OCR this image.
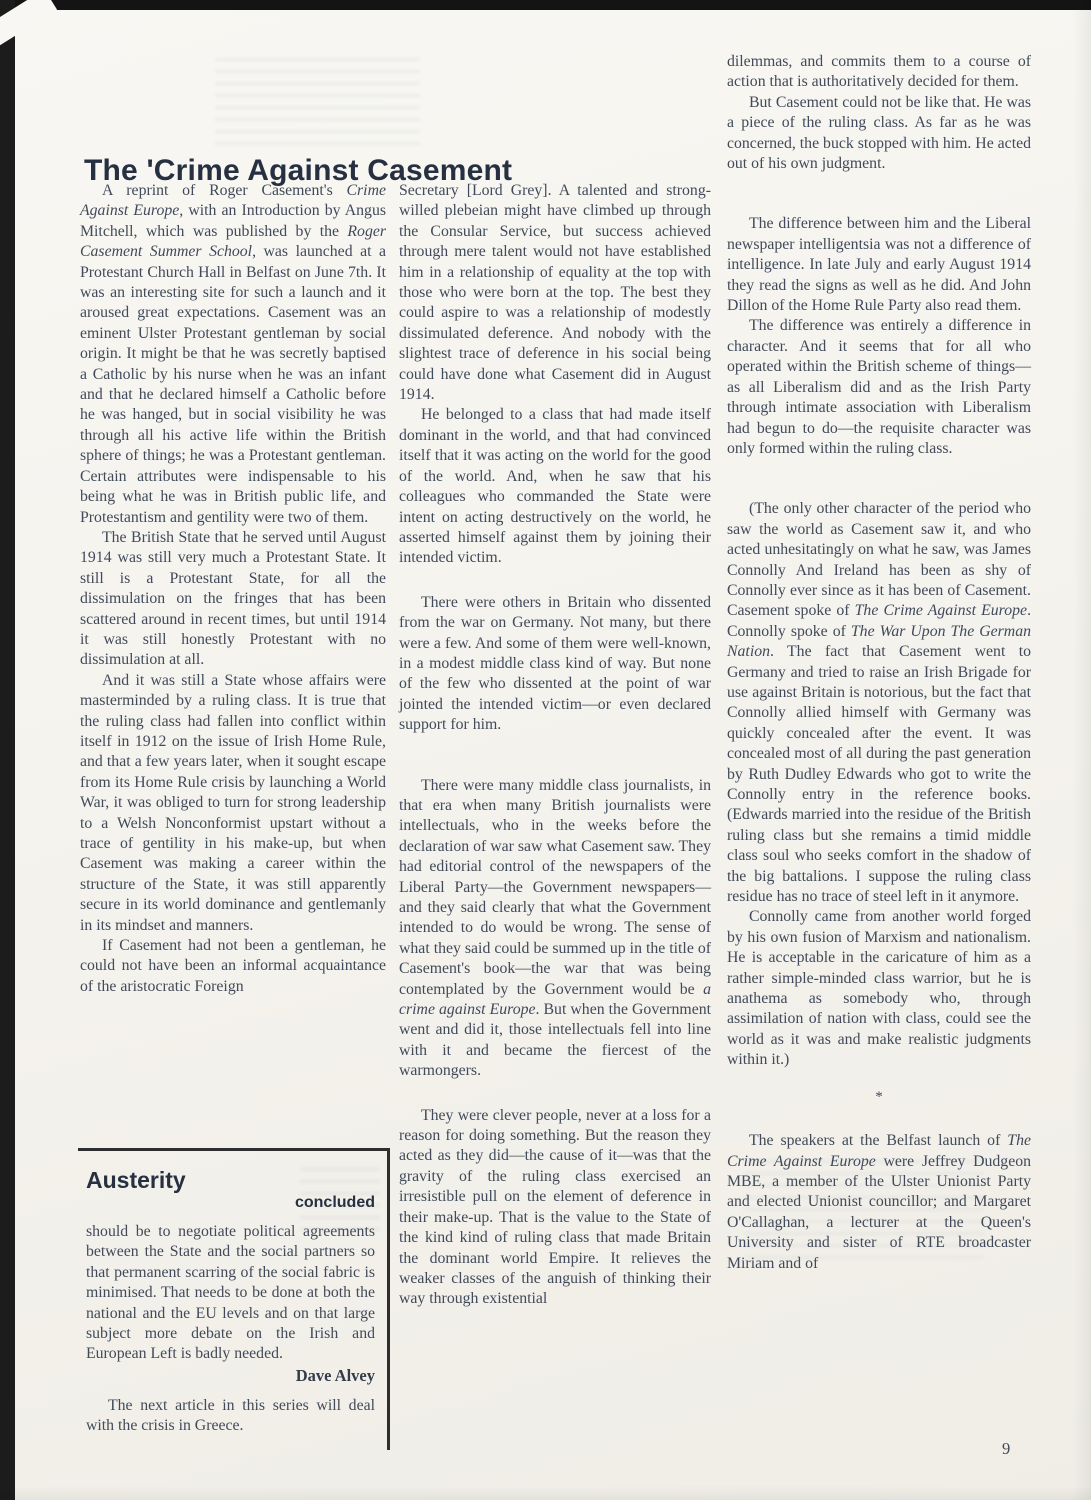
The 'Crime Against Casement

A reprint of Roger Casement's Crime Against Europe, with an Introduction by Angus Mitchell, which was published by the Roger Casement Summer School, was launched at a Protestant Church Hall in Belfast on June 7th. It was an interesting site for such a launch and it aroused great expectations. Casement was an eminent Ulster Protestant gentleman by social origin. It might be that he was secretly baptised a Catholic by his nurse when he was an infant and that he declared himself a Catholic before he was hanged, but in social visibility he was through all his active life within the British sphere of things; he was a Protestant gentleman. Certain attributes were indispensable to his being what he was in British public life, and Protestantism and gentility were two of them.

The British State that he served until August 1914 was still very much a Protestant State. It still is a Protestant State, for all the dissimulation on the fringes that has been scattered around in recent times, but until 1914 it was still honestly Protestant with no dissimulation at all.

And it was still a State whose affairs were masterminded by a ruling class. It is true that the ruling class had fallen into conflict within itself in 1912 on the issue of Irish Home Rule, and that a few years later, when it sought escape from its Home Rule crisis by launching a World War, it was obliged to turn for strong leadership to a Welsh Nonconformist upstart without a trace of gentility in his make-up, but when Casement was making a career within the structure of the State, it was still apparently secure in its world dominance and gentlemanly in its mindset and manners.

If Casement had not been a gentleman, he could not have been an informal acquaintance of the aristocratic Foreign

Secretary [Lord Grey]. A talented and strong-willed plebeian might have climbed up through the Consular Service, but success achieved through mere talent would not have established him in a relationship of equality at the top with those who were born at the top. The best they could aspire to was a relationship of modestly dissimulated deference. And nobody with the slightest trace of deference in his social being could have done what Casement did in August 1914.

He belonged to a class that had made itself dominant in the world, and that had convinced itself that it was acting on the world for the good of the world. And, when he saw that his colleagues who commanded the State were intent on acting destructively on the world, he asserted himself against them by joining their intended victim.

There were others in Britain who dissented from the war on Germany. Not many, but there were a few. And some of them were well-known, in a modest middle class kind of way. But none of the few who dissented at the point of war jointed the intended victim—or even declared support for him.

There were many middle class journalists, in that era when many British journalists were intellectuals, who in the weeks before the declaration of war saw what Casement saw. They had editorial control of the newspapers of the Liberal Party—the Government newspapers—and they said clearly that what the Government intended to do would be wrong. The sense of what they said could be summed up in the title of Casement's book—the war that was being contemplated by the Government would be a crime against Europe. But when the Government went and did it, those intellectuals fell into line with it and became the fiercest of the warmongers.

They were clever people, never at a loss for a reason for doing something. But the reason they acted as they did—the cause of it—was that the gravity of the ruling class exercised an irresistible pull on the element of deference in their make-up. That is the value to the State of the kind kind of ruling class that made Britain the dominant world Empire. It relieves the weaker classes of the anguish of thinking their way through existential

dilemmas, and commits them to a course of action that is authoritatively decided for them.

But Casement could not be like that. He was a piece of the ruling class. As far as he was concerned, the buck stopped with him. He acted out of his own judgment.

The difference between him and the Liberal newspaper intelligentsia was not a difference of intelligence. In late July and early August 1914 they read the signs as well as he did. And John Dillon of the Home Rule Party also read them.

The difference was entirely a difference in character. And it seems that for all who operated within the British scheme of things—as all Liberalism did and as the Irish Party through intimate association with Liberalism had begun to do—the requisite character was only formed within the ruling class.

(The only other character of the period who saw the world as Casement saw it, and who acted unhesitatingly on what he saw, was James Connolly And Ireland has been as shy of Connolly ever since as it has been of Casement. Casement spoke of The Crime Against Europe. Connolly spoke of The War Upon The German Nation. The fact that Casement went to Germany and tried to raise an Irish Brigade for use against Britain is notorious, but the fact that Connolly allied himself with Germany was quickly concealed after the event. It was concealed most of all during the past generation by Ruth Dudley Edwards who got to write the Connolly entry in the reference books. (Edwards married into the residue of the British ruling class but she remains a timid middle class soul who seeks comfort in the shadow of the big battalions. I suppose the ruling class residue has no trace of steel left in it anymore.

Connolly came from another world forged by his own fusion of Marxism and nationalism. He is acceptable in the caricature of him as a rather simple-minded class warrior, but he is anathema as somebody who, through assimilation of nation with class, could see the world as it was and make realistic judgments within it.)

*

The speakers at the Belfast launch of The Crime Against Europe were Jeffrey Dudgeon MBE, a member of the Ulster Unionist Party and elected Unionist councillor; and Margaret O'Callaghan, a lecturer at the Queen's University and sister of RTE broadcaster Miriam and of

Austerity
concluded

should be to negotiate political agreements between the State and the social partners so that permanent scarring of the social fabric is minimised. That needs to be done at both the national and the EU levels and on that large subject more debate on the Irish and European Left is badly needed.

Dave Alvey

The next article in this series will deal with the crisis in Greece.

9
